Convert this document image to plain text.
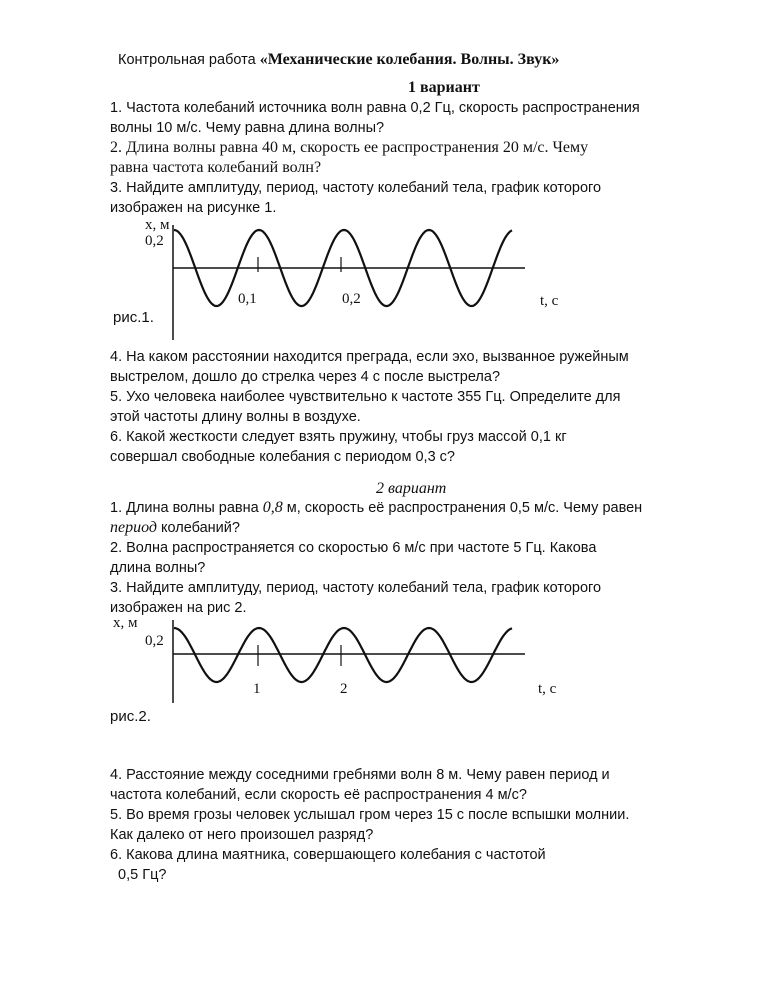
Контрольная работа «Механические колебания. Волны. Звук»
1 вариант
1. Частота колебаний источника волн равна 0,2 Гц, скорость распространения
волны 10 м/с. Чему равна длина волны?
2. Длина волны равна 40 м, скорость ее распространения 20 м/с. Чему
равна частота колебаний волн?
3. Найдите амплитуду, период, частоту колебаний тела, график которого
изображен на рисунке 1.
x, м
0,2
0,1	0,2	t, c
рис.1.
4. На каком расстоянии находится преграда, если эхо, вызванное ружейным
выстрелом, дошло до стрелка через 4 с после выстрела?
5. Ухо человека наиболее чувствительно к частоте 355 Гц. Определите для
этой частоты длину волны в воздухе.
6. Какой жесткости следует взять пружину, чтобы груз массой 0,1 кг
совершал свободные колебания с периодом 0,3 с?
2 вариант
1. Длина волны равна 0,8 м, скорость её распространения 0,5 м/с. Чему равен
период колебаний?
2. Волна распространяется со скоростью 6 м/с при частоте 5 Гц. Какова
длина волны?
3. Найдите амплитуду, период, частоту колебаний тела, график которого
изображен на рис 2.
x, м
0,2
1	2	t, c
рис.2.
4. Расстояние между соседними гребнями волн 8 м. Чему равен период и
частота колебаний, если скорость её распространения 4 м/с?
5. Во время грозы человек услышал гром через 15 с после вспышки молнии.
Как далеко от него произошел разряд?
6. Какова длина маятника, совершающего колебания с частотой
0,5 Гц?
